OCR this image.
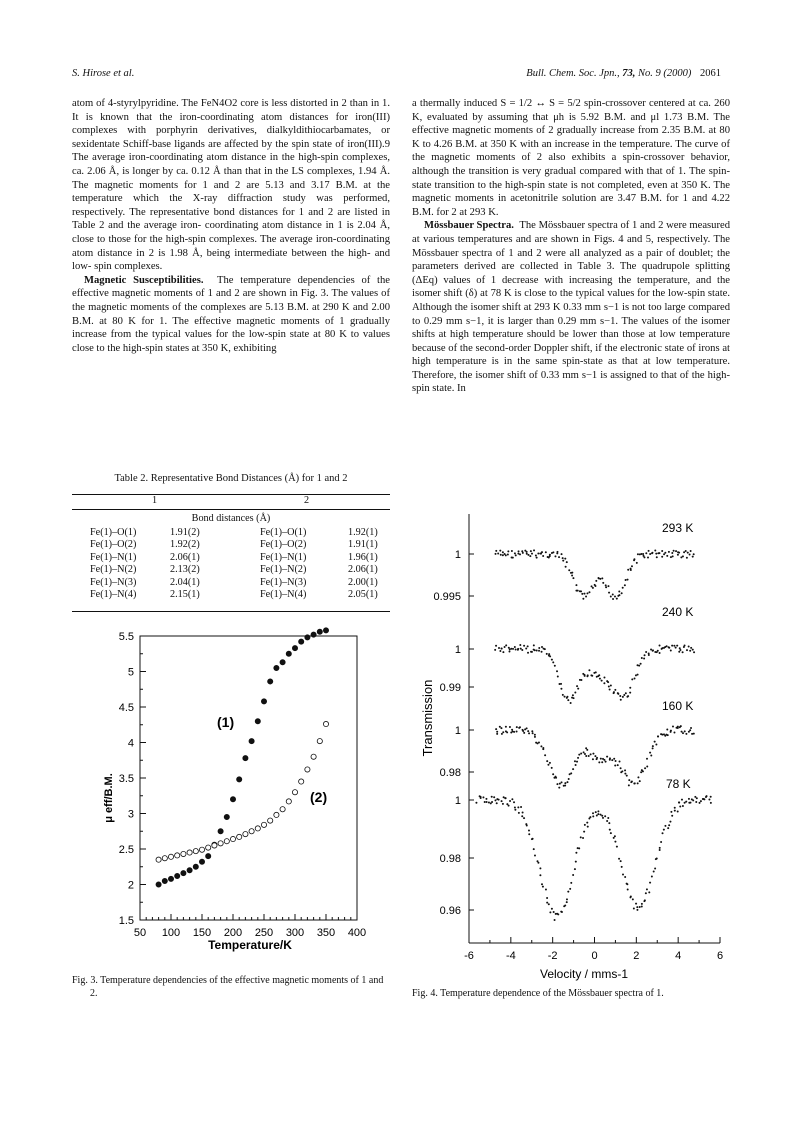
S. Hirose et al.	Bull. Chem. Soc. Jpn., 73, No. 9 (2000) 2061

atom of 4-styrylpyridine. The FeN4O2 core is less distorted in 2 than in 1. It is known that the iron-coordinating atom distances for iron(III) complexes with porphyrin derivatives, dialkyldithiocarbamates, or sexidentate Schiff-base ligands are affected by the spin state of iron(III).9 The average iron-coordinating atom distance in the high-spin complexes, ca. 2.06 Å, is longer by ca. 0.12 Å than that in the LS complexes, 1.94 Å. The magnetic moments for 1 and 2 are 5.13 and 3.17 B.M. at the temperature which the X-ray diffraction study was performed, respectively. The representative bond distances for 1 and 2 are listed in Table 2 and the average iron- coordinating atom distance in 1 is 2.04 Å, close to those for the high-spin complexes. The average iron-coordinating atom distance in 2 is 1.98 Å, being intermediate between the high- and low- spin complexes.

Magnetic Susceptibilities. The temperature dependencies of the effective magnetic moments of 1 and 2 are shown in Fig. 3. The values of the magnetic moments of the complexes are 5.13 B.M. at 290 K and 2.00 B.M. at 80 K for 1. The effective magnetic moments of 1 gradually increase from the typical values for the low-spin state at 80 K to values close to the high-spin states at 350 K, exhibiting

a thermally induced S = 1/2 ↔ S = 5/2 spin-crossover centered at ca. 260 K, evaluated by assuming that μh is 5.92 B.M. and μl 1.73 B.M. The effective magnetic moments of 2 gradually increase from 2.35 B.M. at 80 K to 4.26 B.M. at 350 K with an increase in the temperature. The curve of the magnetic moments of 2 also exhibits a spin-crossover behavior, although the transition is very gradual compared with that of 1. The spin-state transition to the high-spin state is not completed, even at 350 K. The magnetic moments in acetonitrile solution are 3.47 B.M. for 1 and 4.22 B.M. for 2 at 293 K.

Mössbauer Spectra. The Mössbauer spectra of 1 and 2 were measured at various temperatures and are shown in Figs. 4 and 5, respectively. The Mössbauer spectra of 1 and 2 were all analyzed as a pair of doublet; the parameters derived are collected in Table 3. The quadrupole splitting (ΔEq) values of 1 decrease with increasing the temperature, and the isomer shift (δ) at 78 K is close to the typical values for the low-spin state. Although the isomer shift at 293 K 0.33 mm s−1 is not too large compared to 0.29 mm s−1, it is larger than 0.29 mm s−1. The values of the isomer shifts at high temperature should be lower than those at low temperature because of the second-order Doppler shift, if the electronic state of irons at high temperature is in the same spin-state as that at low temperature. Therefore, the isomer shift of 0.33 mm s−1 is assigned to that of the high-spin state. In

Table 2. Representative Bond Distances (Å) for 1 and 2
1	2
Bond distances (Å)
Fe(1)–O(1)	1.91(2)	Fe(1)–O(1)	1.92(1)
Fe(1)–O(2)	1.92(2)	Fe(1)–O(2)	1.91(1)
Fe(1)–N(1)	2.06(1)	Fe(1)–N(1)	1.96(1)
Fe(1)–N(2)	2.13(2)	Fe(1)–N(2)	2.06(1)
Fe(1)–N(3)	2.04(1)	Fe(1)–N(3)	2.00(1)
Fe(1)–N(4)	2.15(1)	Fe(1)–N(4)	2.05(1)
μ eff/B.M.
Temperature/K
(1)
(2)
50 100 150 200 250 300 350 400
1.5
2
2.5
3
3.5
4
4.5
5
5.5
Fig. 3. Temperature dependencies of the effective magnetic moments of 1 and 2.
Transmission
Velocity / mms-1
-6	-4	-2	0	2	4	6
1
0.995
1
0.99
1
0.98
1
0.98
0.96
293 K
240 K
160 K
78 K
Fig. 4. Temperature dependence of the Mössbauer spectra of 1.
